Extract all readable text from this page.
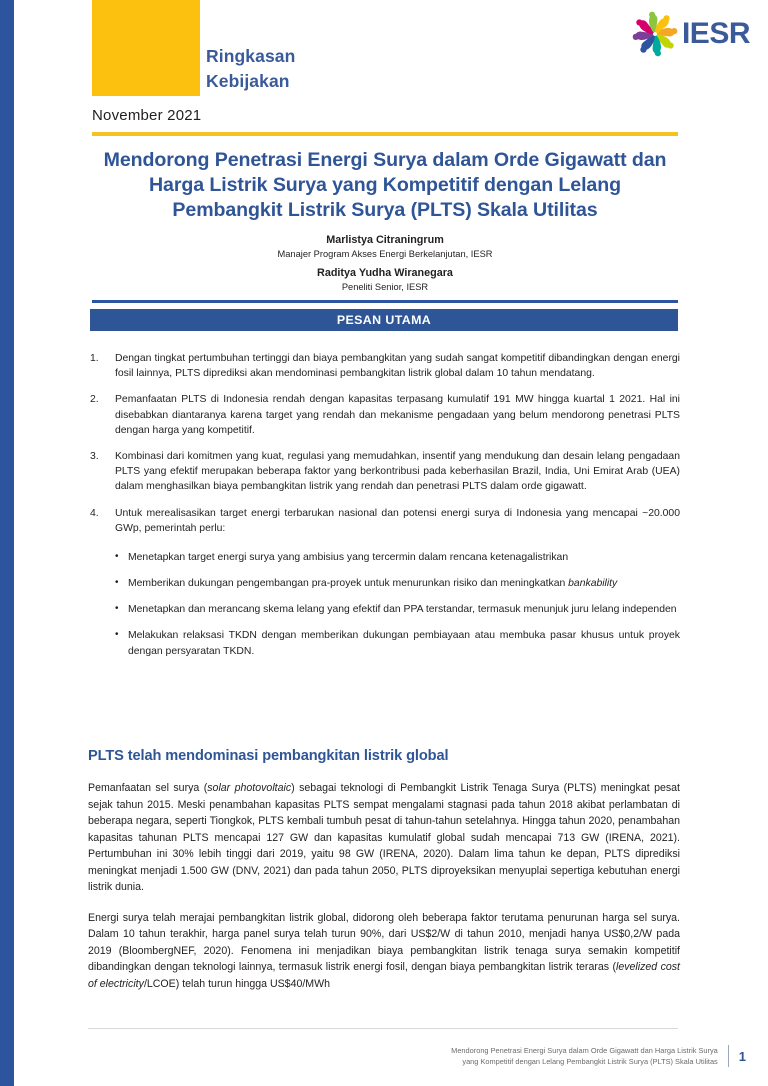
Ringkasan
Kebijakan
IESR
November 2021
Mendorong Penetrasi Energi Surya dalam Orde Gigawatt dan Harga Listrik Surya yang Kompetitif dengan Lelang Pembangkit Listrik Surya (PLTS) Skala Utilitas
Marlistya Citraningrum
Manajer Program Akses Energi Berkelanjutan, IESR
Raditya Yudha Wiranegara
Peneliti Senior, IESR
PESAN UTAMA
1.	Dengan tingkat pertumbuhan tertinggi dan biaya pembangkitan yang sudah sangat kompetitif dibandingkan dengan energi fosil lainnya, PLTS diprediksi akan mendominasi pembangkitan listrik global dalam 10 tahun mendatang.
2.	Pemanfaatan PLTS di Indonesia rendah dengan kapasitas terpasang kumulatif 191 MW hingga kuartal 1 2021. Hal ini disebabkan diantaranya karena target yang rendah dan mekanisme pengadaan yang belum mendorong penetrasi PLTS dengan harga yang kompetitif.
3.	Kombinasi dari komitmen yang kuat, regulasi yang memudahkan, insentif yang mendukung dan desain lelang pengadaan PLTS yang efektif merupakan beberapa faktor yang berkontribusi pada keberhasilan Brazil, India, Uni Emirat Arab (UEA) dalam menghasilkan biaya pembangkitan listrik yang rendah dan penetrasi PLTS dalam orde gigawatt.
4.	Untuk merealisasikan target energi terbarukan nasional dan potensi energi surya di Indonesia yang mencapai ~20.000 GWp, pemerintah perlu:
• Menetapkan target energi surya yang ambisius yang tercermin dalam rencana ketenagalistrikan
• Memberikan dukungan pengembangan pra-proyek untuk menurunkan risiko dan meningkatkan bankability
• Menetapkan dan merancang skema lelang yang efektif dan PPA terstandar, termasuk menunjuk juru lelang independen
• Melakukan relaksasi TKDN dengan memberikan dukungan pembiayaan atau membuka pasar khusus untuk proyek dengan persyaratan TKDN.
PLTS telah mendominasi pembangkitan listrik global

Pemanfaatan sel surya (solar photovoltaic) sebagai teknologi di Pembangkit Listrik Tenaga Surya (PLTS) meningkat pesat sejak tahun 2015. Meski penambahan kapasitas PLTS sempat mengalami stagnasi pada tahun 2018 akibat perlambatan di beberapa negara, seperti Tiongkok, PLTS kembali tumbuh pesat di tahun-tahun setelahnya. Hingga tahun 2020, penambahan kapasitas tahunan PLTS mencapai 127 GW dan kapasitas kumulatif global sudah mencapai 713 GW (IRENA, 2021). Pertumbuhan ini 30% lebih tinggi dari 2019, yaitu 98 GW (IRENA, 2020). Dalam lima tahun ke depan, PLTS diprediksi meningkat menjadi 1.500 GW (DNV, 2021) dan pada tahun 2050, PLTS diproyeksikan menyuplai sepertiga kebutuhan energi listrik dunia.

Energi surya telah merajai pembangkitan listrik global, didorong oleh beberapa faktor terutama penurunan harga sel surya. Dalam 10 tahun terakhir, harga panel surya telah turun 90%, dari US$2/W di tahun 2010, menjadi hanya US$0,2/W pada 2019 (BloombergNEF, 2020). Fenomena ini menjadikan biaya pembangkitan listrik tenaga surya semakin kompetitif dibandingkan dengan teknologi lainnya, termasuk listrik energi fosil, dengan biaya pembangkitan listrik teraras (levelized cost of electricity/LCOE) telah turun hingga US$40/MWh

Mendorong Penetrasi Energi Surya dalam Orde Gigawatt dan Harga Listrik Surya
yang Kompetitif dengan Lelang Pembangkit Listrik Surya (PLTS) Skala Utilitas 1
